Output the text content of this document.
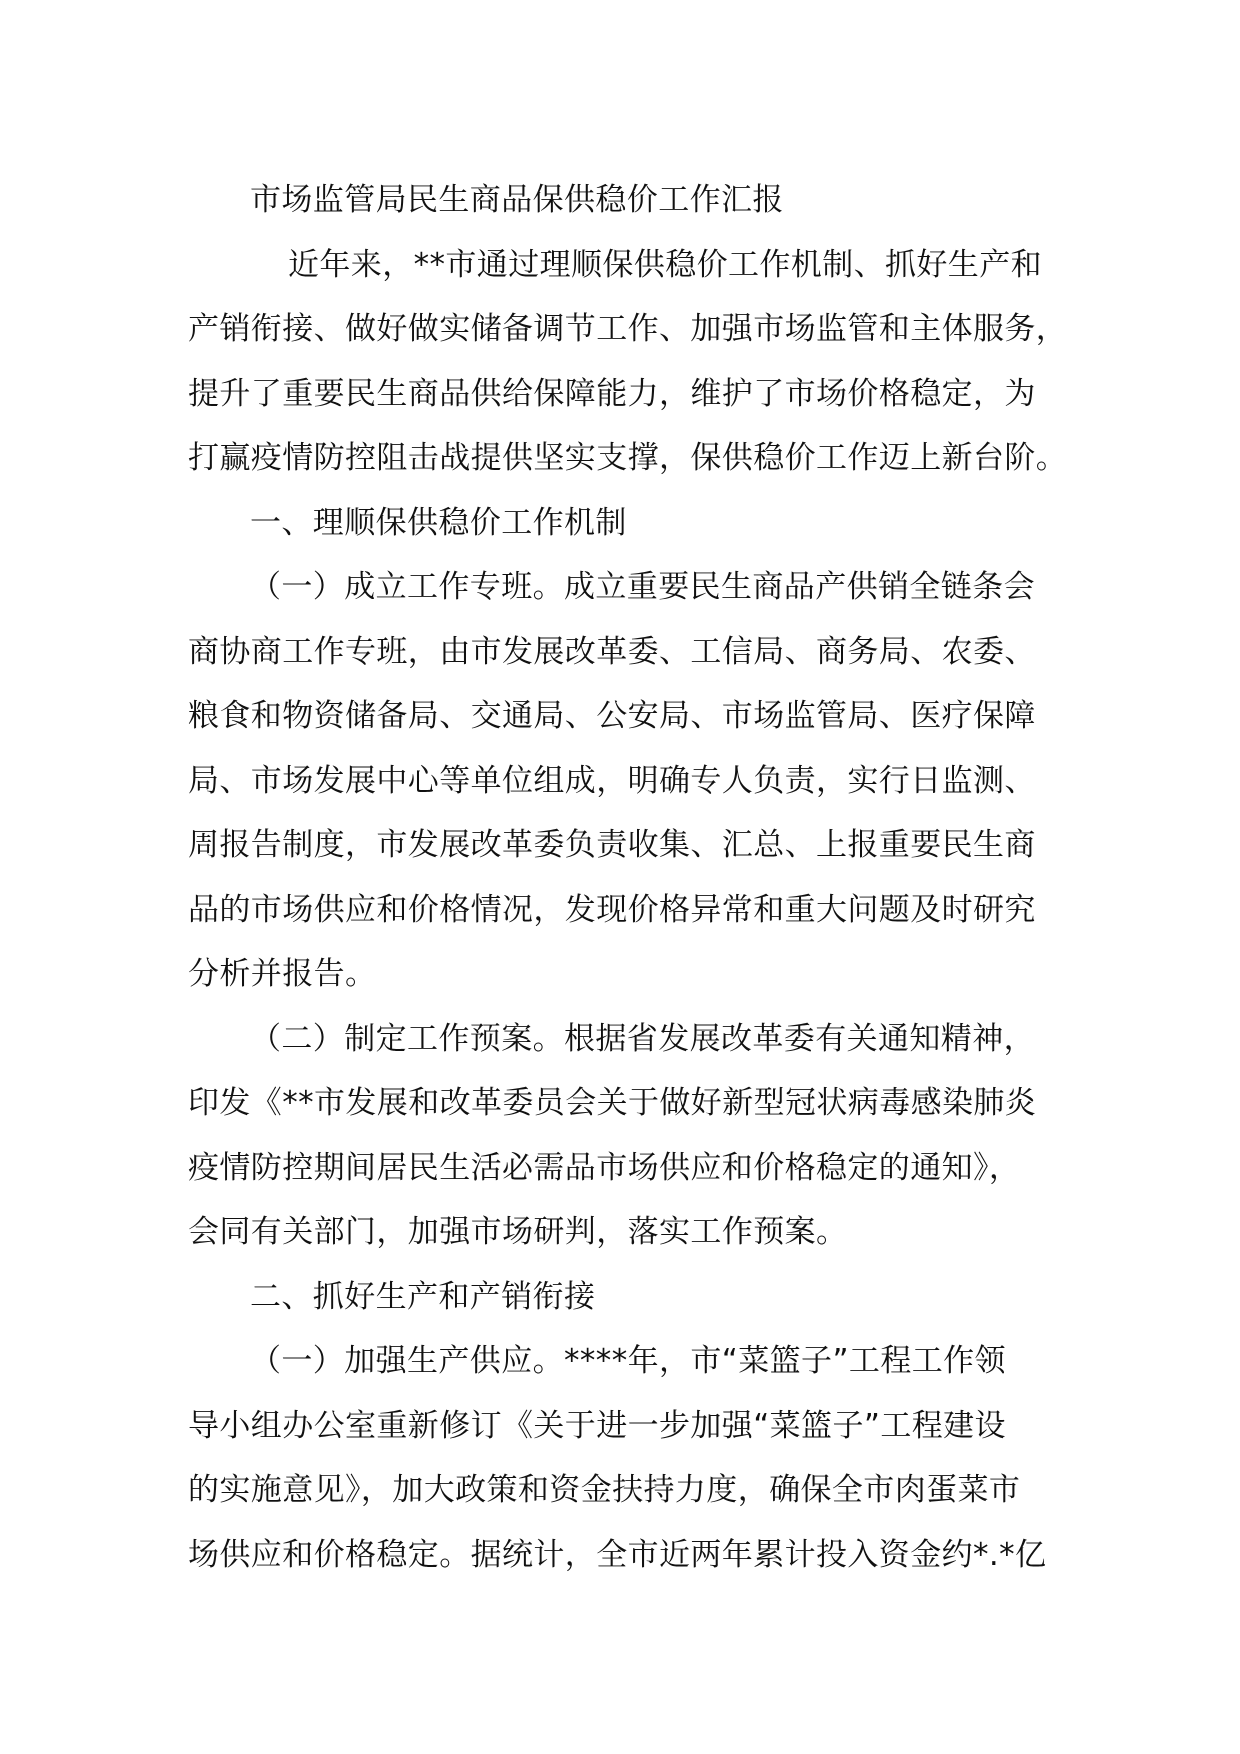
市场监管局民生商品保供稳价工作汇报

近年来，**市通过理顺保供稳价工作机制、抓好生产和

产销衔接、做好做实储备调节工作、加强市场监管和主体服务，

提升了重要民生商品供给保障能力，维护了市场价格稳定，为

打赢疫情防控阻击战提供坚实支撑，保供稳价工作迈上新台阶。

一、理顺保供稳价工作机制

（一）成立工作专班。成立重要民生商品产供销全链条会

商协商工作专班，由市发展改革委、工信局、商务局、农委、

粮食和物资储备局、交通局、公安局、市场监管局、医疗保障

局、市场发展中心等单位组成，明确专人负责，实行日监测、

周报告制度，市发展改革委负责收集、汇总、上报重要民生商

品的市场供应和价格情况，发现价格异常和重大问题及时研究

分析并报告。

（二）制定工作预案。根据省发展改革委有关通知精神，

印发《**市发展和改革委员会关于做好新型冠状病毒感染肺炎

疫情防控期间居民生活必需品市场供应和价格稳定的通知》，

会同有关部门，加强市场研判，落实工作预案。

二、抓好生产和产销衔接

（一）加强生产供应。****年，市“菜篮子”工程工作领

导小组办公室重新修订《关于进一步加强“菜篮子”工程建设

的实施意见》，加大政策和资金扶持力度，确保全市肉蛋菜市

场供应和价格稳定。据统计，全市近两年累计投入资金约*.*亿
